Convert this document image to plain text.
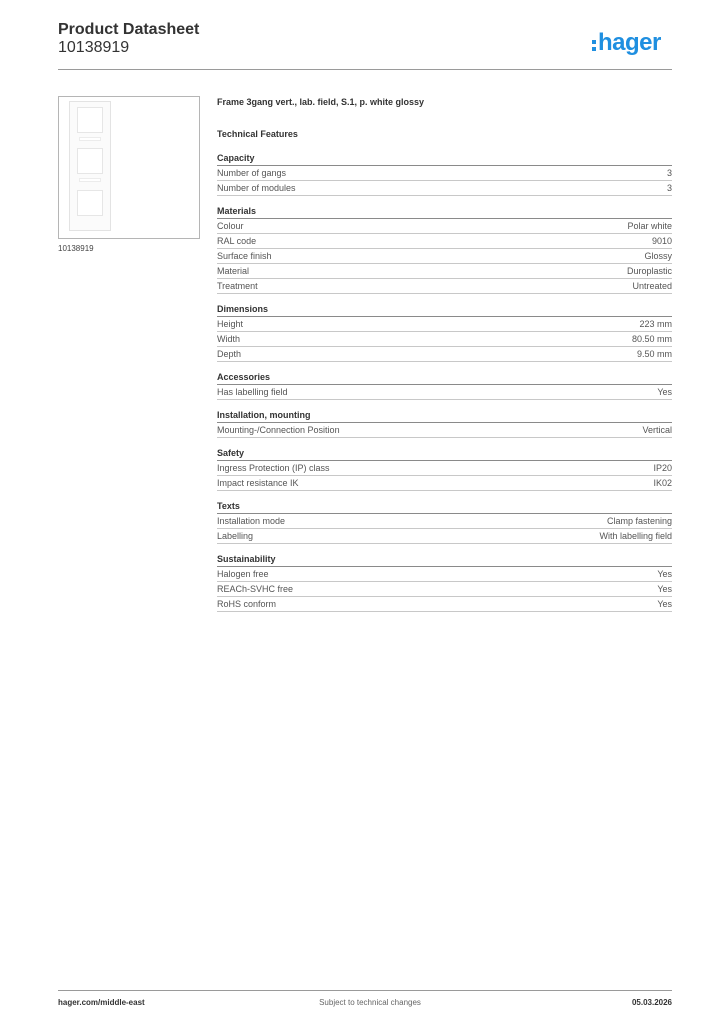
Product Datasheet
10138919	hager
10138919
Frame 3gang vert., lab. field, S.1, p. white glossy
Technical Features
Capacity
Number of gangs	3
Number of modules	3
Materials
Colour	Polar white
RAL code	9010
Surface finish	Glossy
Material	Duroplastic
Treatment	Untreated
Dimensions
Height	223 mm
Width	80.50 mm
Depth	9.50 mm
Accessories
Has labelling field	Yes
Installation, mounting
Mounting-/Connection Position	Vertical
Safety
Ingress Protection (IP) class	IP20
Impact resistance IK	IK02
Texts
Installation mode	Clamp fastening
Labelling	With labelling field
Sustainability
Halogen free	Yes
REACh-SVHC free	Yes
RoHS conform	Yes
hager.com/middle-east	Subject to technical changes	05.03.2026
